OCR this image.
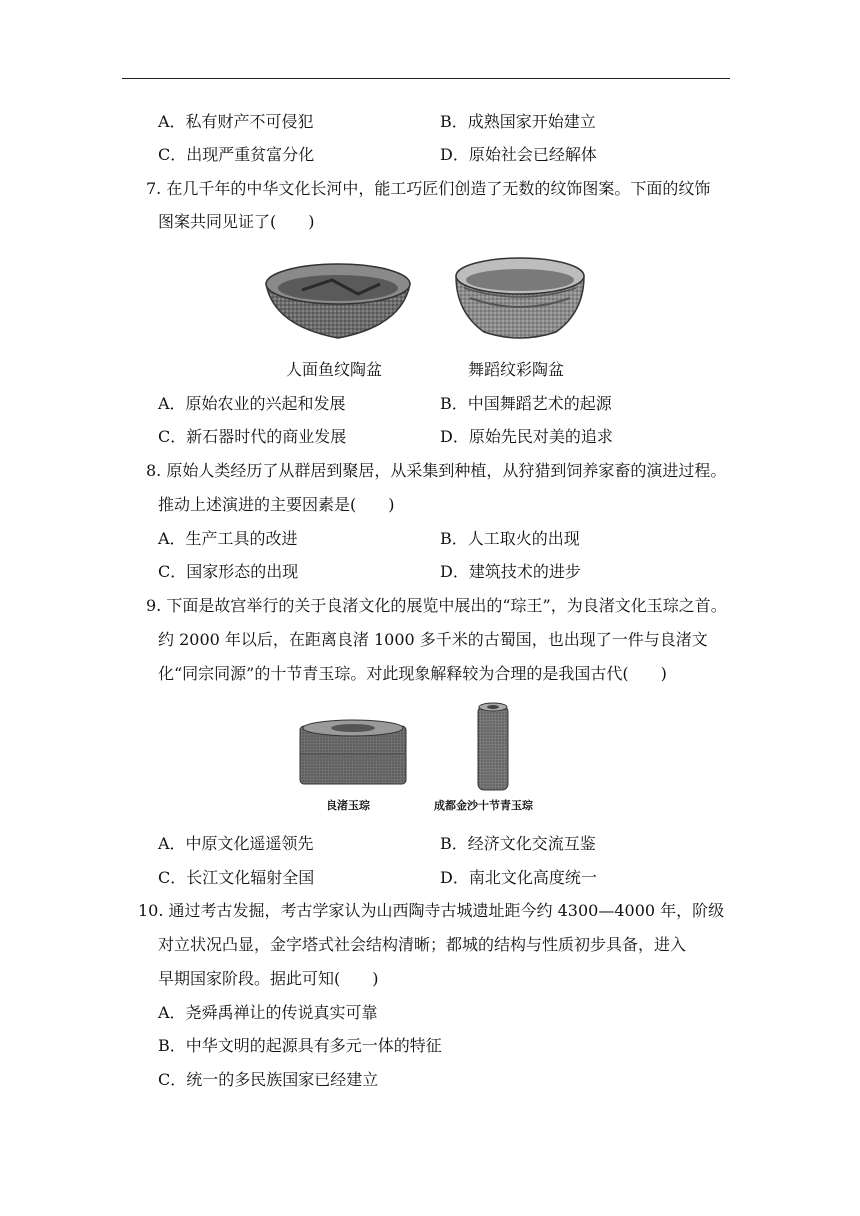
A．私有财产不可侵犯	B．成熟国家开始建立
C．出现严重贫富分化	D．原始社会已经解体
7. 在几千年的中华文化长河中，能工巧匠们创造了无数的纹饰图案。下面的纹饰
图案共同见证了(　　)
人面鱼纹陶盆	舞蹈纹彩陶盆
A．原始农业的兴起和发展	B．中国舞蹈艺术的起源
C．新石器时代的商业发展	D．原始先民对美的追求
8. 原始人类经历了从群居到聚居，从采集到种植，从狩猎到饲养家畜的演进过程。
推动上述演进的主要因素是(　　)
A．生产工具的改进	B．人工取火的出现
C．国家形态的出现	D．建筑技术的进步
9. 下面是故宫举行的关于良渚文化的展览中展出的“琮王”，为良渚文化玉琮之首。
约 2000 年以后，在距离良渚 1000 多千米的古蜀国，也出现了一件与良渚文
化“同宗同源”的十节青玉琮。对此现象解释较为合理的是我国古代(　　)
良渚玉琮	成都金沙十节青玉琮
A．中原文化遥遥领先	B．经济文化交流互鉴
C．长江文化辐射全国	D．南北文化高度统一
10. 通过考古发掘，考古学家认为山西陶寺古城遗址距今约 4300—4000 年，阶级
对立状况凸显，金字塔式社会结构清晰；都城的结构与性质初步具备，进入
早期国家阶段。据此可知(　　)
A．尧舜禹禅让的传说真实可靠
B．中华文明的起源具有多元一体的特征
C．统一的多民族国家已经建立
